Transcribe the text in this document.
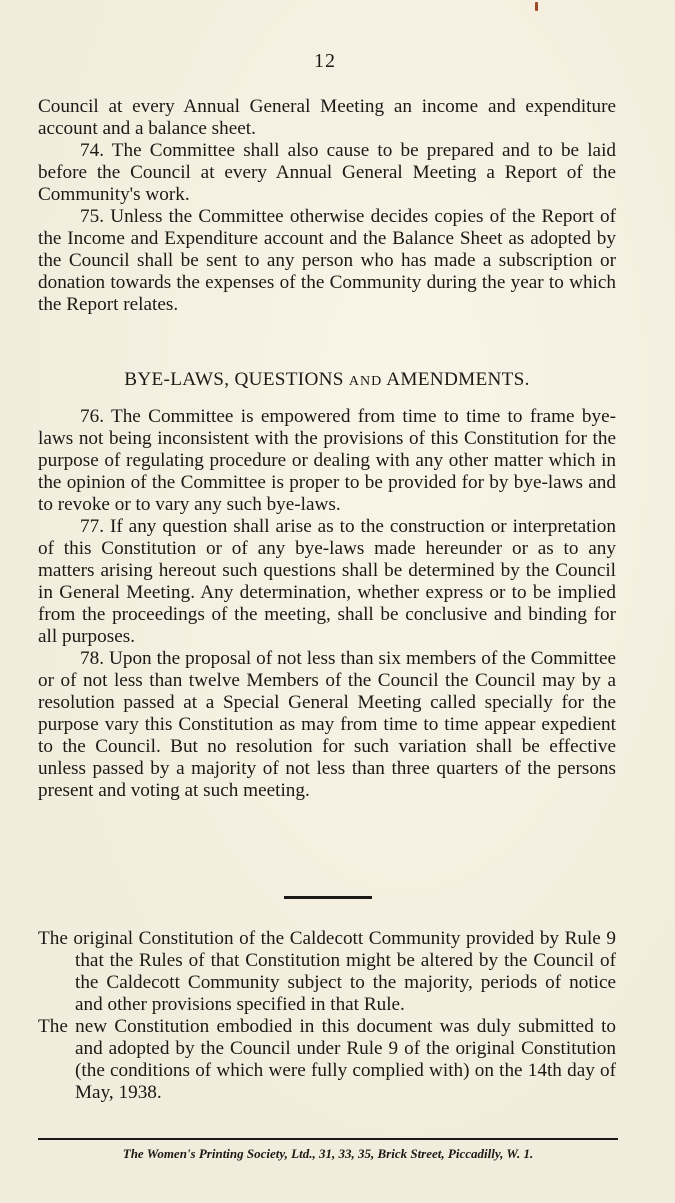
12

Council at every Annual General Meeting an income and expenditure account and a balance sheet.

74. The Committee shall also cause to be prepared and to be laid before the Council at every Annual General Meeting a Report of the Community's work.

75. Unless the Committee otherwise decides copies of the Report of the Income and Expenditure account and the Balance Sheet as adopted by the Council shall be sent to any person who has made a subscription or donation towards the expenses of the Community during the year to which the Report relates.

BYE-LAWS, QUESTIONS AND AMENDMENTS.

76. The Committee is empowered from time to time to frame bye-laws not being inconsistent with the provisions of this Constitution for the purpose of regulating procedure or dealing with any other matter which in the opinion of the Committee is proper to be provided for by bye-laws and to revoke or to vary any such bye-laws.

77. If any question shall arise as to the construction or interpretation of this Constitution or of any bye-laws made hereunder or as to any matters arising hereout such questions shall be determined by the Council in General Meeting. Any determination, whether express or to be implied from the proceedings of the meeting, shall be conclusive and binding for all purposes.

78. Upon the proposal of not less than six members of the Committee or of not less than twelve Members of the Council the Council may by a resolution passed at a Special General Meeting called specially for the purpose vary this Constitution as may from time to time appear expedient to the Council. But no resolution for such variation shall be effective unless passed by a majority of not less than three quarters of the persons present and voting at such meeting.

The original Constitution of the Caldecott Community provided by Rule 9 that the Rules of that Constitution might be altered by the Council of the Caldecott Community subject to the majority, periods of notice and other provisions specified in that Rule.

The new Constitution embodied in this document was duly submitted to and adopted by the Council under Rule 9 of the original Constitution (the conditions of which were fully complied with) on the 14th day of May, 1938.

The Women's Printing Society, Ltd., 31, 33, 35, Brick Street, Piccadilly, W. 1.
